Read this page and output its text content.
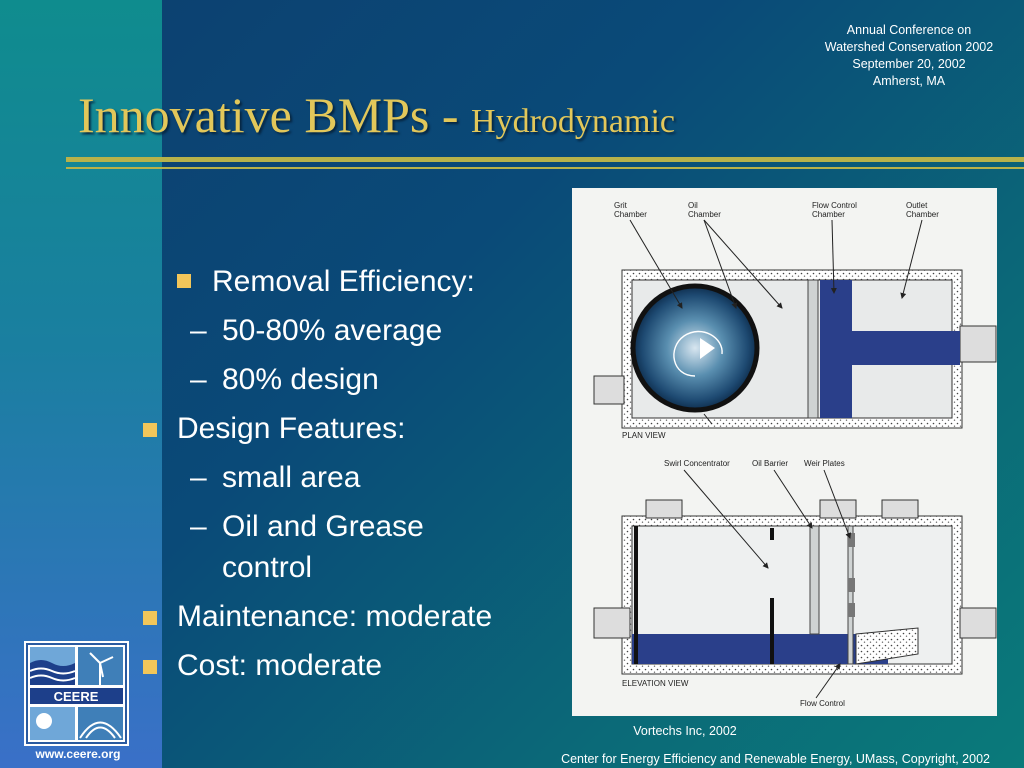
Annual Conference on
Watershed Conservation 2002
September 20, 2002
Amherst, MA
Innovative BMPs - Hydrodynamic
Removal Efficiency:
– 50-80% average
– 80% design
Design Features:
– small area
– Oil and Grease
control
Maintenance: moderate
Cost: moderate
Grit
Chamber
Oil
Chamber
Flow Control
Chamber
Outlet
Chamber
PLAN VIEW
Swirl Concentrator	Oil Barrier Weir Plates
ELEVATION VIEW
Flow Control
Vortechs Inc, 2002
Center for Energy Efficiency and Renewable Energy, UMass, Copyright, 2002
CEERE
www.ceere.org
